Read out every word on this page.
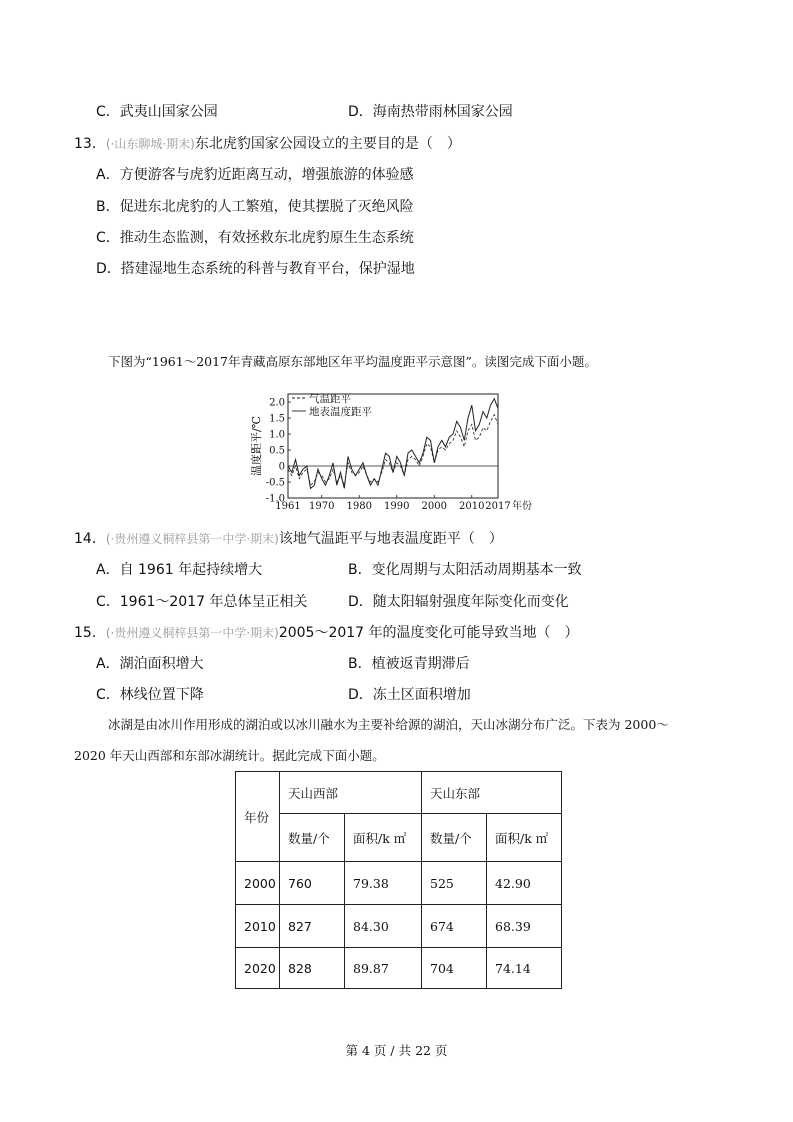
C．武夷山国家公园	D．海南热带雨林国家公园
13．(·山东聊城·期末)东北虎豹国家公园设立的主要目的是（　）
A．方便游客与虎豹近距离互动，增强旅游的体验感
B．促进东北虎豹的人工繁殖，使其摆脱了灭绝风险
C．推动生态监测，有效拯救东北虎豹原生生态系统
D．搭建湿地生态系统的科普与教育平台，保护湿地
下图为“1961～2017年青藏高原东部地区年平均温度距平示意图”。读图完成下面小题。
2.0
1.5
1.0
0.5
0
-0.5
-1.0
1961 1970 1980 1990 2000 2010 2017 年份
气温距平
地表温度距平
温度距平/℃
14．(·贵州遵义桐梓县第一中学·期末)该地气温距平与地表温度距平（　）
A．自 1961 年起持续增大	B．变化周期与太阳活动周期基本一致
C．1961～2017 年总体呈正相关	D．随太阳辐射强度年际变化而变化
15．(·贵州遵义桐梓县第一中学·期末)2005～2017 年的温度变化可能导致当地（　）
A．湖泊面积增大	B．植被返青期滞后
C．林线位置下降	D．冻土区面积增加
冰湖是由冰川作用形成的湖泊或以冰川融水为主要补给源的湖泊，天山冰湖分布广泛。下表为 2000～
2020 年天山西部和东部冰湖统计。据此完成下面小题。
年份	天山西部		天山东部	
	数量/个	面积/k ㎡	数量/个	面积/k ㎡
2000	760	79.38	525	42.90
2010	827	84.30	674	68.39
2020	828	89.87	704	74.14
第 4 页 / 共 22 页
